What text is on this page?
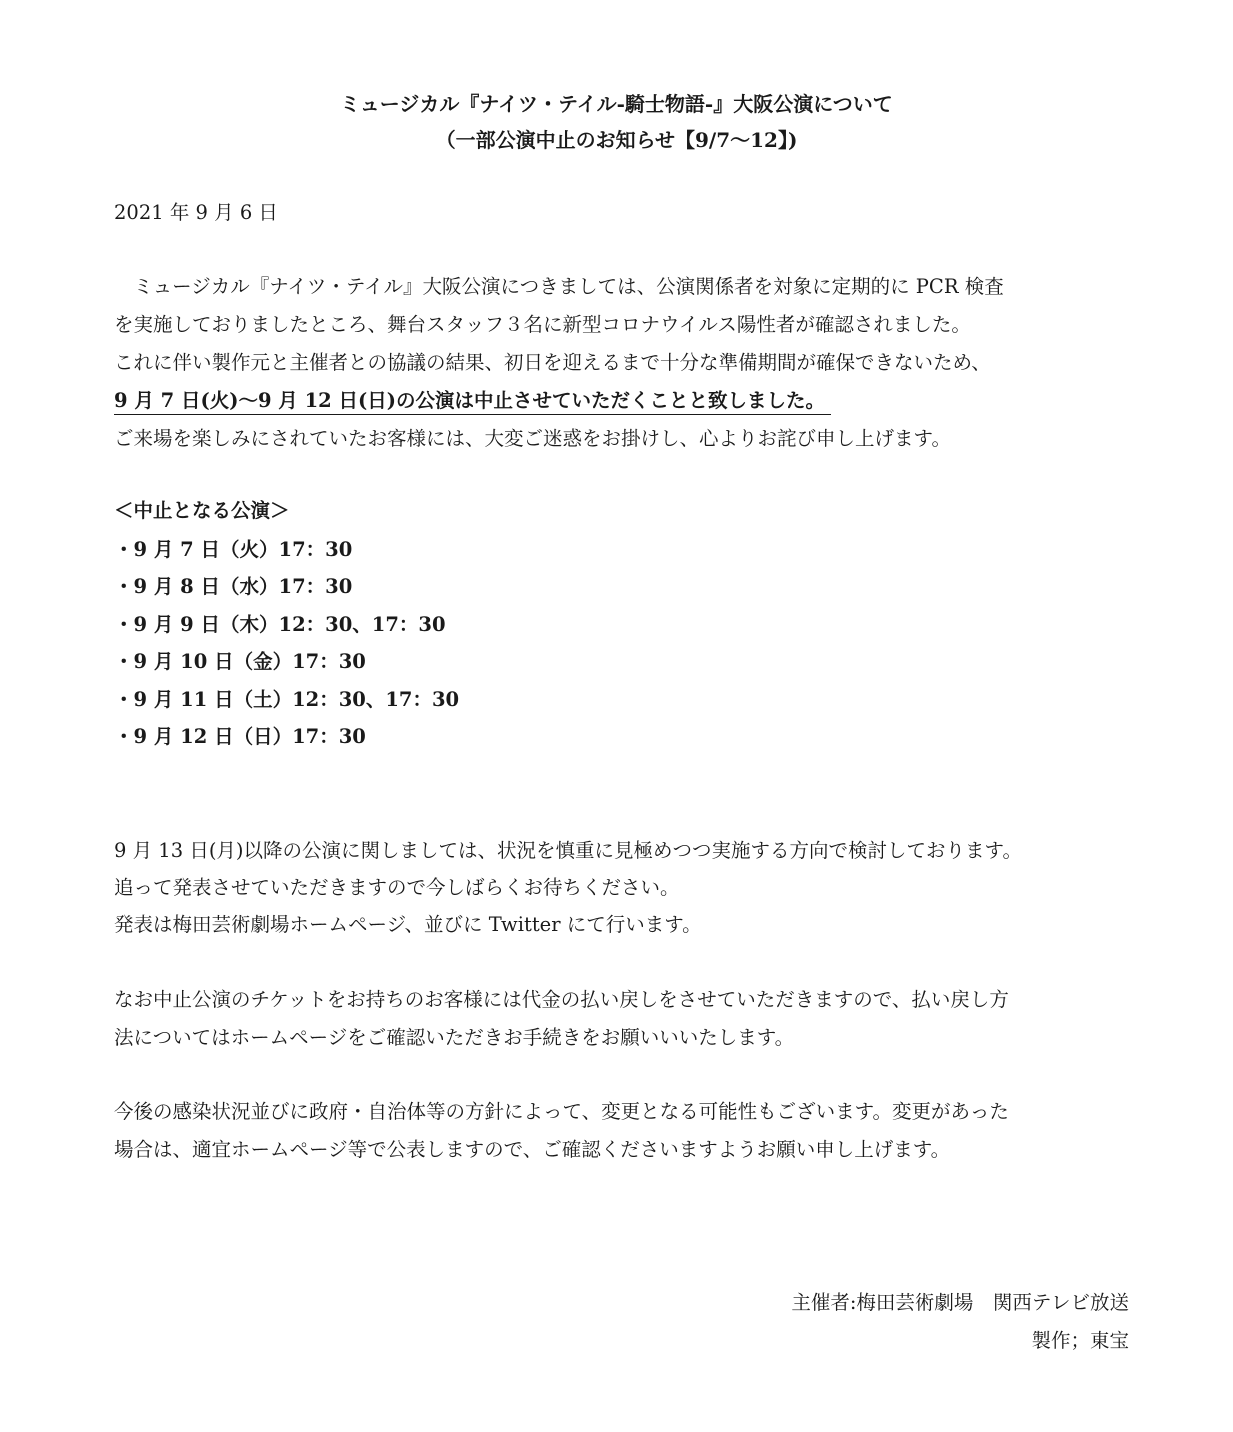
ミュージカル『ナイツ・テイル-騎士物語-』大阪公演について
（一部公演中止のお知らせ【9/7〜12】)
2021 年 9 月 6 日
　ミュージカル『ナイツ・テイル』大阪公演につきましては、公演関係者を対象に定期的に PCR 検査
を実施しておりましたところ、舞台スタッフ３名に新型コロナウイルス陽性者が確認されました。
これに伴い製作元と主催者との協議の結果、初日を迎えるまで十分な準備期間が確保できないため、
9 月 7 日(火)〜9 月 12 日(日)の公演は中止させていただくことと致しました。
ご来場を楽しみにされていたお客様には、大変ご迷惑をお掛けし、心よりお詫び申し上げます。
＜中止となる公演＞
・9 月 7 日（火）17：30
・9 月 8 日（水）17：30
・9 月 9 日（木）12：30、17：30
・9 月 10 日（金）17：30
・9 月 11 日（土）12：30、17：30
・9 月 12 日（日）17：30
9 月 13 日(月)以降の公演に関しましては、状況を慎重に見極めつつ実施する方向で検討しております。
追って発表させていただきますので今しばらくお待ちください。
発表は梅田芸術劇場ホームページ、並びに Twitter にて行います。
なお中止公演のチケットをお持ちのお客様には代金の払い戻しをさせていただきますので、払い戻し方
法についてはホームページをご確認いただきお手続きをお願いいいたします。
今後の感染状況並びに政府・自治体等の方針によって、変更となる可能性もございます。変更があった
場合は、適宜ホームページ等で公表しますので、ご確認くださいますようお願い申し上げます。
主催者:梅田芸術劇場　関西テレビ放送
製作；東宝
